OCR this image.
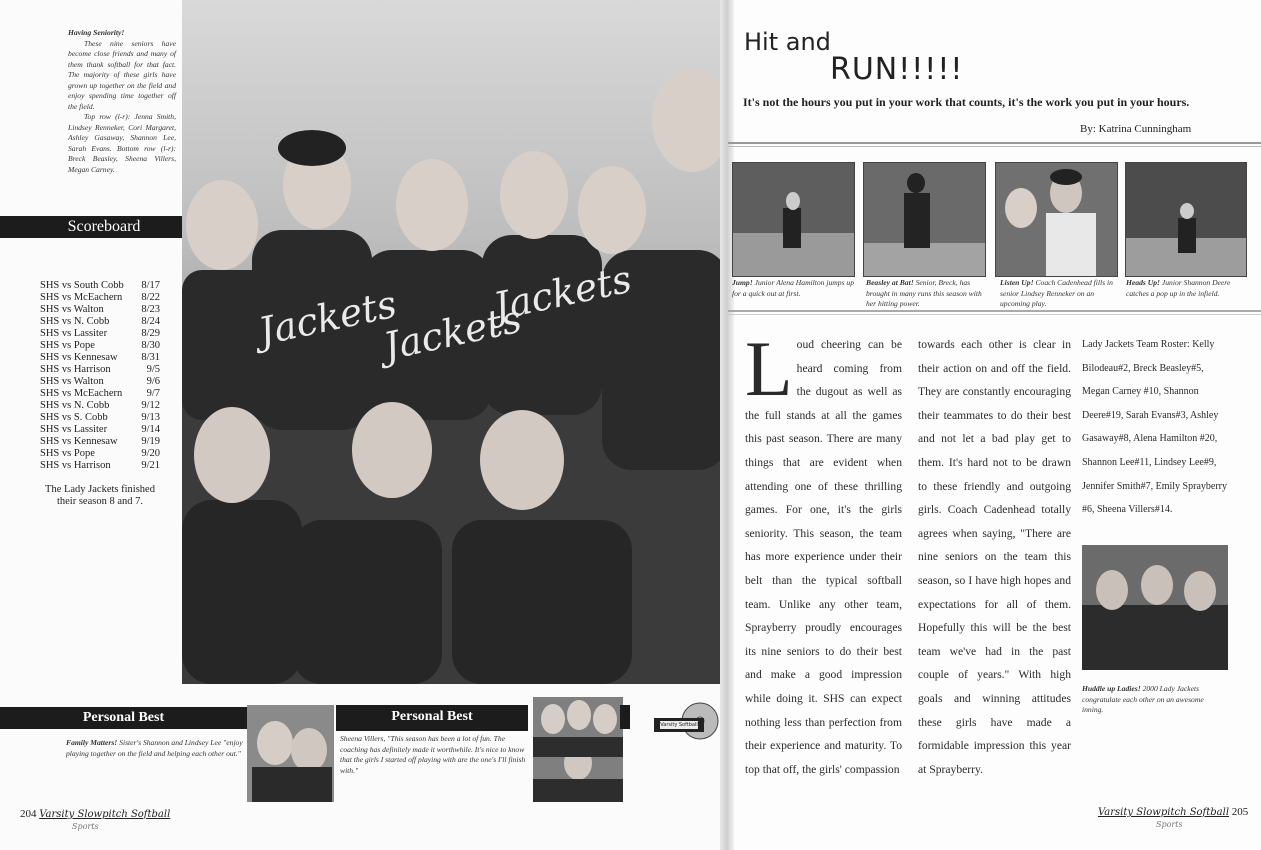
Having Seniority!

These nine seniors have become close friends and many of them thank softball for that fact. The majority of these girls have grown up together on the field and enjoy spending time together off the field.
Top row (l-r): Jenna Smith, Lindsey Renneker, Cori Margaret, Ashley Gasaway, Shannon Lee, Sarah Evans. Bottom row (l-r): Breck Beasley, Sheena Villers, Megan Carney.
Scoreboard
SHS vs South Cobb 8/17
SHS vs McEachern 8/22
SHS vs Walton	8/23
SHS vs N. Cobb	8/24
SHS vs Lassiter	8/29
SHS vs Pope	8/30
SHS vs Kennesaw 8/31
SHS vs Harrison	9/5
SHS vs Walton	9/6
SHS vs McEachern 9/7
SHS vs N. Cobb	9/12
SHS vs S. Cobb	9/13
SHS vs Lassiter	9/14
SHS vs Kennesaw 9/19
SHS vs Pope	9/20
SHS vs Harrison	9/21
The Lady Jackets finished their season 8 and 7.
Jackets
Jackets
Jackets
Personal Best
Family Matters! Sister's Shannon and Lindsey Lee "enjoy playing together on the field and helping each other out."
Personal Best
Sheena Villers, "This season has been a lot of fun. The coaching has definitely made it worthwhile. It's nice to know that the girls I started off playing with are the one's I'll finish with."
Varsity Softball
204 Varsity Slowpitch Softball
Sports
Hit and
RUN!!!!!
It's not the hours you put in your work that counts, it's the work you put in your hours.
By: Katrina Cunningham
Jump! Junior Alena Hamilton jumps up for a quick out at first.
Beasley at Bat! Senior, Breck, has brought in many runs this season with her hitting power.
Listen Up! Coach Cadenhead fills in senior Lindsey Renneker on an upcoming play.
Heads Up! Junior Shannon Deere catches a pop up in the infield.
Loud cheering can be heard coming from the dugout as well as the full stands at all the games this past season. There are many things that are evident when attending one of these thrilling games. For one, it's the girls seniority. This season, the team has more experience under their belt than the typical softball team. Unlike any other team, Sprayberry proudly encourages its nine seniors to do their best and make a good impression while doing it. SHS can expect nothing less than perfection from their experience and maturity. To top that off, the girls' compassion
towards each other is clear in their action on and off the field. They are constantly encouraging their teammates to do their best and not let a bad play get to them. It's hard not to be drawn to these friendly and outgoing girls. Coach Cadenhead totally agrees when saying, "There are nine seniors on the team this season, so I have high hopes and expectations for all of them. Hopefully this will be the best team we've had in the past couple of years." With high goals and winning attitudes these girls have made a formidable impression this year at Sprayberry.
Lady Jackets Team Roster: Kelly Bilodeau#2, Breck Beasley#5, Megan Carney #10, Shannon Deere#19, Sarah Evans#3, Ashley Gasaway#8, Alena Hamilton #20, Shannon Lee#11, Lindsey Lee#9, Jennifer Smith#7, Emily Sprayberry #6, Sheena Villers#14.
Huddle up Ladies! 2000 Lady Jackets congratulate each other on an awesome inning.
Varsity Slowpitch Softball 205
Sports
